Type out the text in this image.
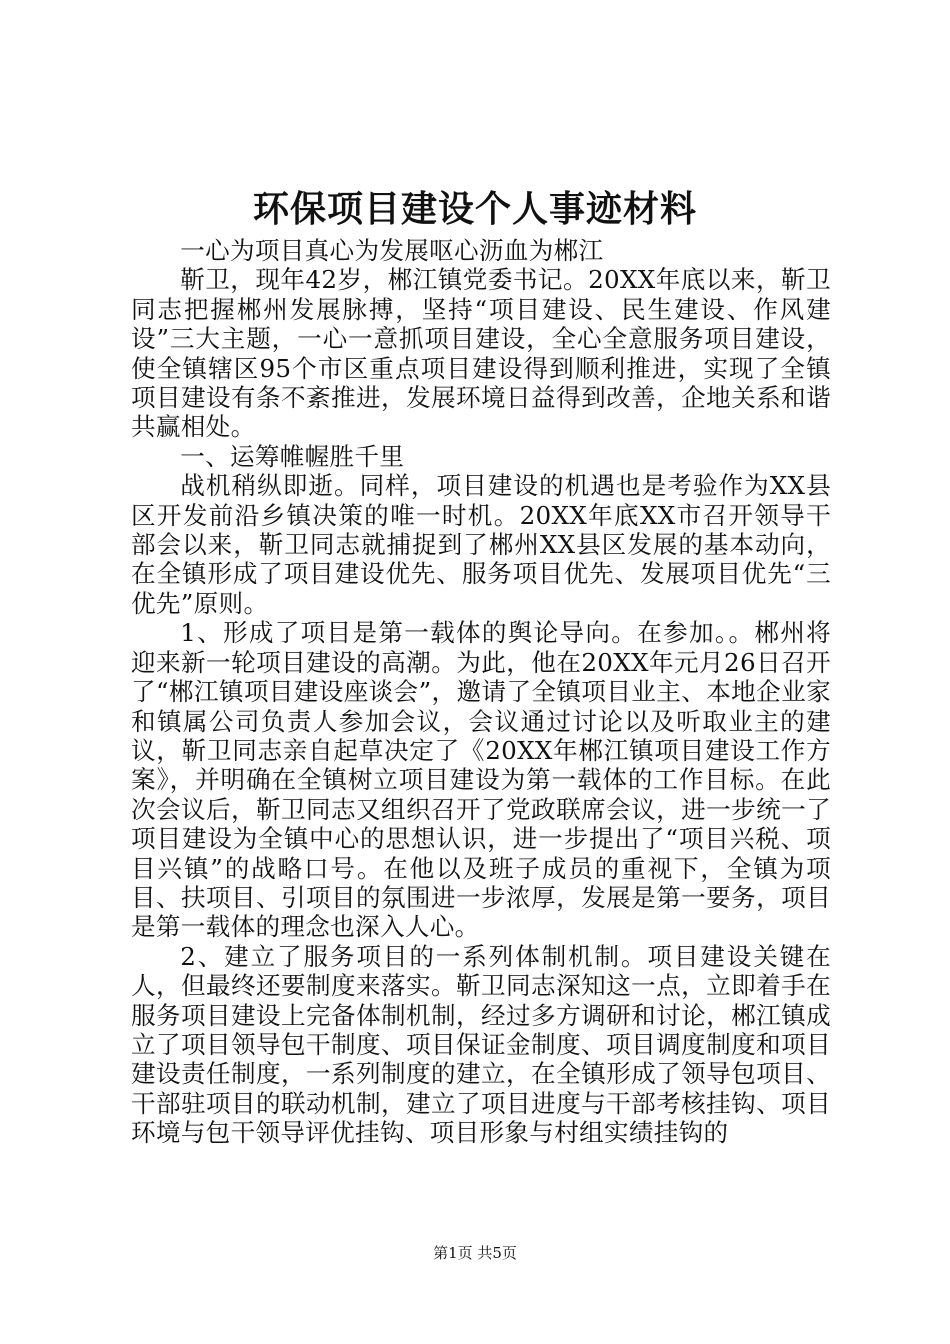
环保项目建设个人事迹材料

一心为项目真心为发展呕心沥血为郴江

靳卫，现年42岁，郴江镇党委书记。20XX年底以来，靳卫同志把握郴州发展脉搏，坚持“项目建设、民生建设、作风建设”三大主题，一心一意抓项目建设，全心全意服务项目建设，使全镇辖区95个市区重点项目建设得到顺利推进，实现了全镇项目建设有条不紊推进，发展环境日益得到改善，企地关系和谐共赢相处。

一、运筹帷幄胜千里

战机稍纵即逝。同样，项目建设的机遇也是考验作为XX县区开发前沿乡镇决策的唯一时机。20XX年底XX市召开领导干部会以来，靳卫同志就捕捉到了郴州XX县区发展的基本动向，在全镇形成了项目建设优先、服务项目优先、发展项目优先“三优先”原则。

1、形成了项目是第一载体的舆论导向。在参加。。郴州将迎来新一轮项目建设的高潮。为此，他在20XX年元月26日召开了“郴江镇项目建设座谈会”，邀请了全镇项目业主、本地企业家和镇属公司负责人参加会议，会议通过讨论以及听取业主的建议，靳卫同志亲自起草决定了《20XX年郴江镇项目建设工作方案》，并明确在全镇树立项目建设为第一载体的工作目标。在此次会议后，靳卫同志又组织召开了党政联席会议，进一步统一了项目建设为全镇中心的思想认识，进一步提出了“项目兴税、项目兴镇”的战略口号。在他以及班子成员的重视下，全镇为项目、扶项目、引项目的氛围进一步浓厚，发展是第一要务，项目是第一载体的理念也深入人心。

2、建立了服务项目的一系列体制机制。项目建设关键在人，但最终还要制度来落实。靳卫同志深知这一点，立即着手在服务项目建设上完备体制机制，经过多方调研和讨论，郴江镇成立了项目领导包干制度、项目保证金制度、项目调度制度和项目建设责任制度，一系列制度的建立，在全镇形成了领导包项目、干部驻项目的联动机制，建立了项目进度与干部考核挂钩、项目环境与包干领导评优挂钩、项目形象与村组实绩挂钩的

第1页 共5页
